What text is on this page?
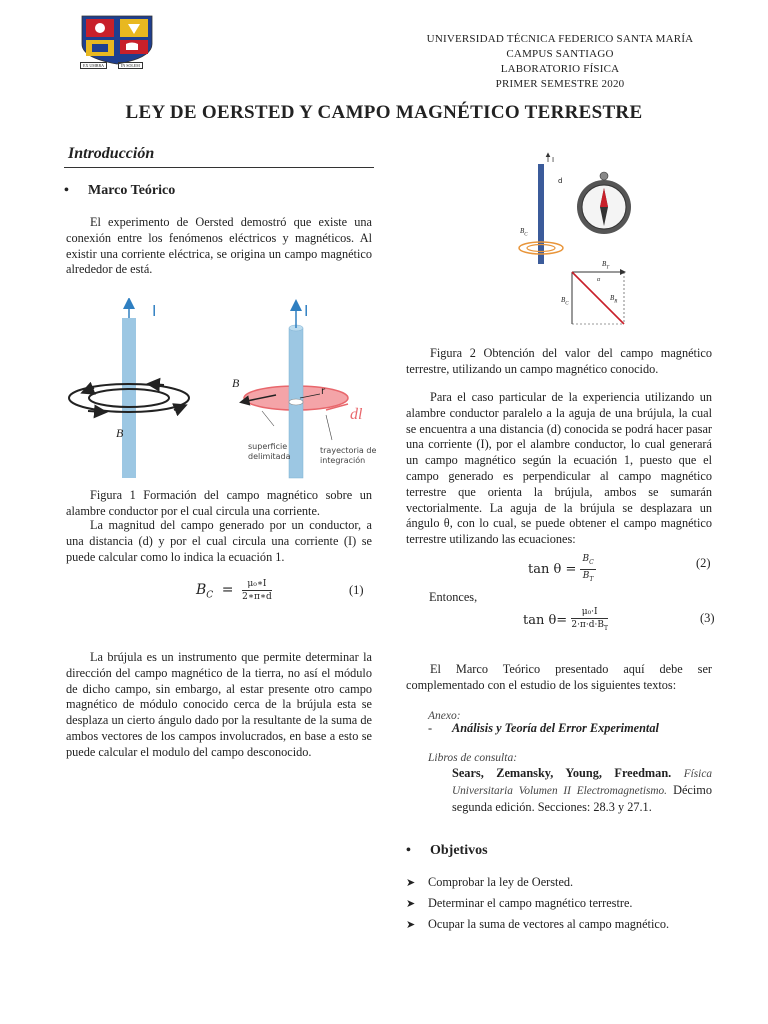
EX UMBRA	IN SOLEM
UNIVERSIDAD TÉCNICA FEDERICO SANTA MARÍA
CAMPUS SANTIAGO
LABORATORIO FÍSICA
PRIMER SEMESTRE 2020
LEY DE OERSTED Y CAMPO MAGNÉTICO TERRESTRE
Introducción
• Marco Teórico
El experimento de Oersted demostró que existe una conexión entre los fenómenos eléctricos y magnéticos. Al existir una corriente eléctrica, se origina un campo magnético alrededor de está.
I	I
B
B
r
dl
superficie delimitada
trayectoria de integración
Figura 1 Formación del campo magnético sobre un alambre conductor por el cual circula una corriente.
La magnitud del campo generado por un conductor, a una distancia (d) y por el cual circula una corriente (I) se puede calcular como lo indica la ecuación 1.
$B_C = \frac{\text{μ₀∗I}}{2∗\pi∗d}$	(1)
La brújula es un instrumento que permite determinar la dirección del campo magnético de la tierra, no así el módulo de dicho campo, sin embargo, al estar presente otro campo magnético de módulo conocido cerca de la brújula esta se desplaza un cierto ángulo dado por la resultante de la suma de ambos vectores de los campos involucrados, en base a esto se puede calcular el modulo del campo desconocido.
I
d
$B_C$
$B_T$
$B_C$
$B_R$
α
Figura 2 Obtención del valor del campo magnético terrestre, utilizando un campo magnético conocido.
Para el caso particular de la experiencia utilizando un alambre conductor paralelo a la aguja de una brújula, la cual se encuentra a una distancia (d) conocida se podrá hacer pasar una corriente (I), por el alambre conductor, lo cual generará un campo magnético según la ecuación 1, puesto que el campo generado es perpendicular al campo magnético terrestre que orienta la brújula, ambos se sumarán vectorialmente. La aguja de la brújula se desplazara un ángulo θ, con lo cual, se puede obtener el campo magnético terrestre utilizando las ecuaciones:
$\tan \theta = \frac{B_C}{B_T}$	(2)
Entonces,
$\tan \theta= \frac{\text{μ₀·I}}{2\cdot\pi\cdot d\cdot B_T}$	(3)
El Marco Teórico presentado aquí debe ser complementado con el estudio de los siguientes textos:
Anexo:
- Análisis y Teoría del Error Experimental
Libros de consulta:
Sears, Zemansky, Young, Freedman. Física Universitaria Volumen II Electromagnetismo. Décimo segunda edición. Secciones: 28.3 y 27.1.
• Objetivos
➤ Comprobar la ley de Oersted.
➤ Determinar el campo magnético terrestre.
➤ Ocupar la suma de vectores al campo magnético.
